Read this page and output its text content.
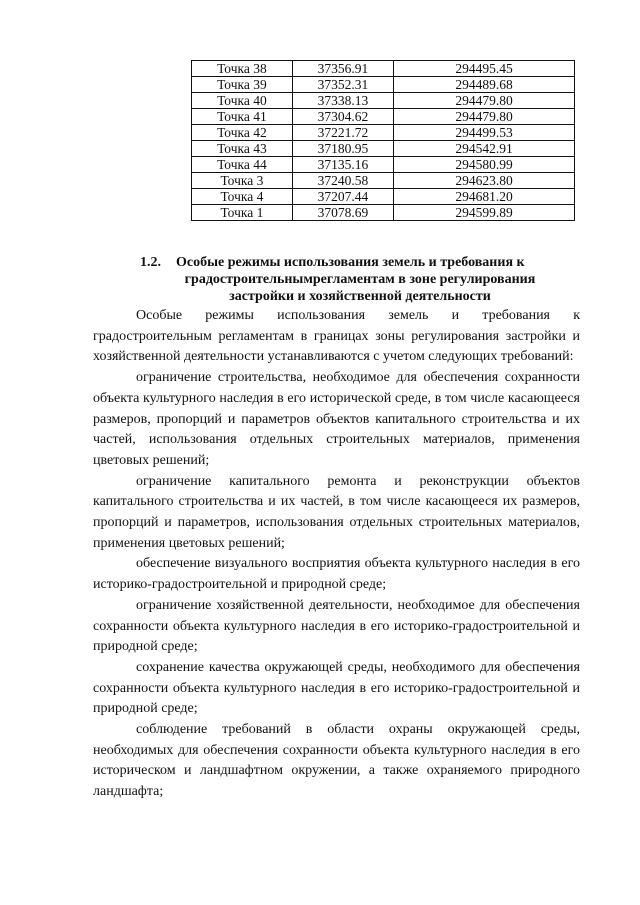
Точка 38	37356.91	294495.45
Точка 39	37352.31	294489.68
Точка 40	37338.13	294479.80
Точка 41	37304.62	294479.80
Точка 42	37221.72	294499.53
Точка 43	37180.95	294542.91
Точка 44	37135.16	294580.99
Точка 3	37240.58	294623.80
Точка 4	37207.44	294681.20
Точка 1	37078.69	294599.89
1.2.	Особые режимы использования земель и требования к
градостроительнымрегламентам в зоне регулирования
застройки и хозяйственной деятельности

Особые режимы использования земель и требования к градостроительным регламентам в границах зоны регулирования застройки и хозяйственной деятельности устанавливаются с учетом следующих требований:

ограничение строительства, необходимое для обеспечения сохранности объекта культурного наследия в его исторической среде, в том числе касающееся размеров, пропорций и параметров объектов капитального строительства и их частей, использования отдельных строительных материалов, применения цветовых решений;

ограничение капитального ремонта и реконструкции объектов капитального строительства и их частей, в том числе касающееся их размеров, пропорций и параметров, использования отдельных строительных материалов, применения цветовых решений;

обеспечение визуального восприятия объекта культурного наследия в его историко-градостроительной и природной среде;

ограничение хозяйственной деятельности, необходимое для обеспечения сохранности объекта культурного наследия в его историко-градостроительной и природной среде;

сохранение качества окружающей среды, необходимого для обеспечения сохранности объекта культурного наследия в его историко-градостроительной и природной среде;

соблюдение требований в области охраны окружающей среды, необходимых для обеспечения сохранности объекта культурного наследия в его историческом и ландшафтном окружении, а также охраняемого природного ландшафта;
